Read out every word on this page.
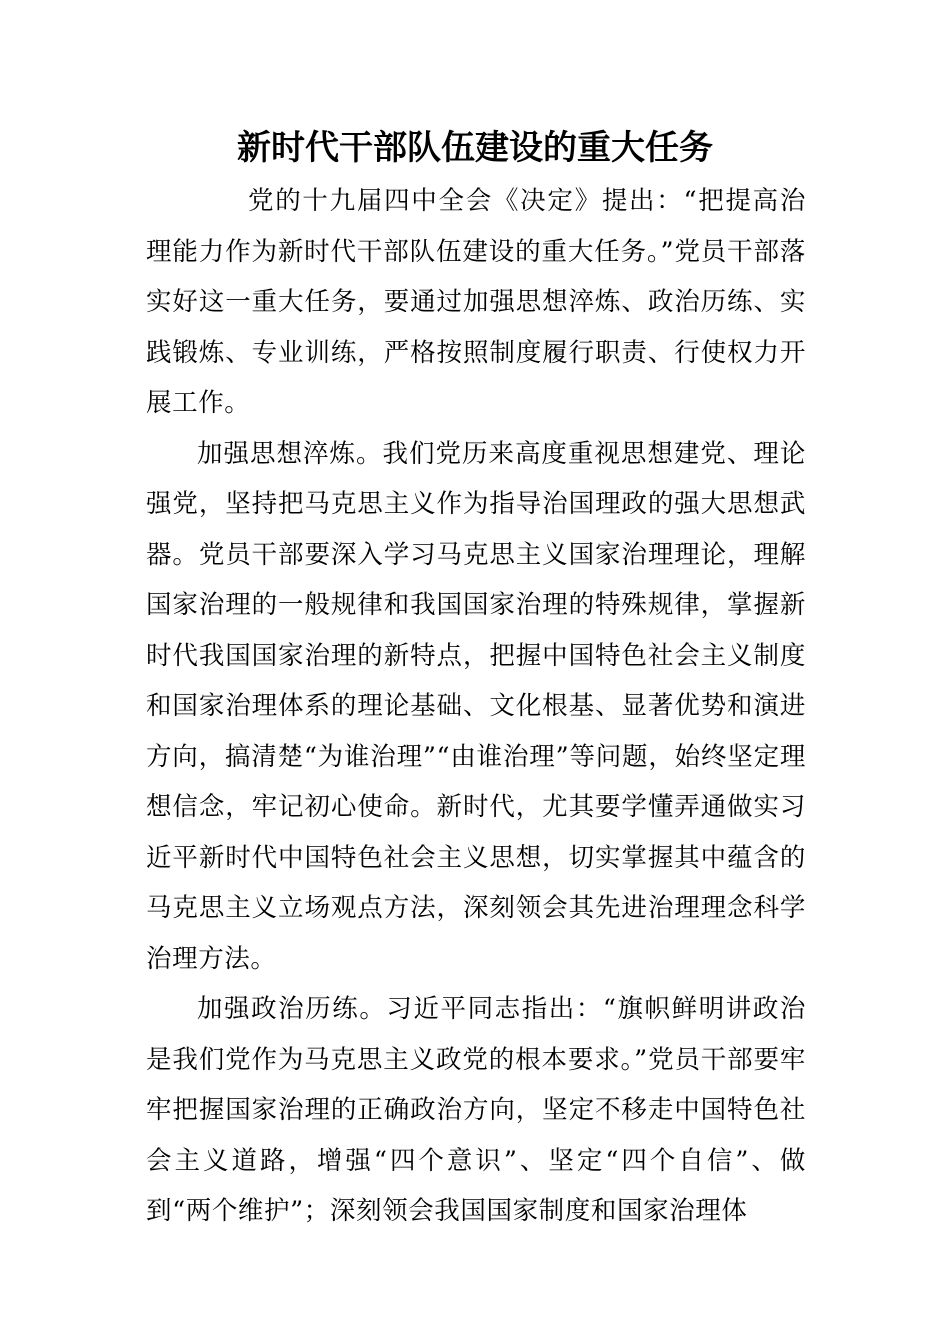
新时代干部队伍建设的重大任务

党的十九届四中全会《决定》提出：“把提高治理能力作为新时代干部队伍建设的重大任务。”党员干部落实好这一重大任务，要通过加强思想淬炼、政治历练、实践锻炼、专业训练，严格按照制度履行职责、行使权力开展工作。

加强思想淬炼。我们党历来高度重视思想建党、理论强党，坚持把马克思主义作为指导治国理政的强大思想武器。党员干部要深入学习马克思主义国家治理理论，理解国家治理的一般规律和我国国家治理的特殊规律，掌握新时代我国国家治理的新特点，把握中国特色社会主义制度和国家治理体系的理论基础、文化根基、显著优势和演进方向，搞清楚“为谁治理”“由谁治理”等问题，始终坚定理想信念，牢记初心使命。新时代，尤其要学懂弄通做实习近平新时代中国特色社会主义思想，切实掌握其中蕴含的马克思主义立场观点方法，深刻领会其先进治理理念科学治理方法。

加强政治历练。习近平同志指出：“旗帜鲜明讲政治是我们党作为马克思主义政党的根本要求。”党员干部要牢牢把握国家治理的正确政治方向，坚定不移走中国特色社会主义道路，增强“四个意识”、坚定“四个自信”、做到“两个维护”；深刻领会我国国家制度和国家治理体
